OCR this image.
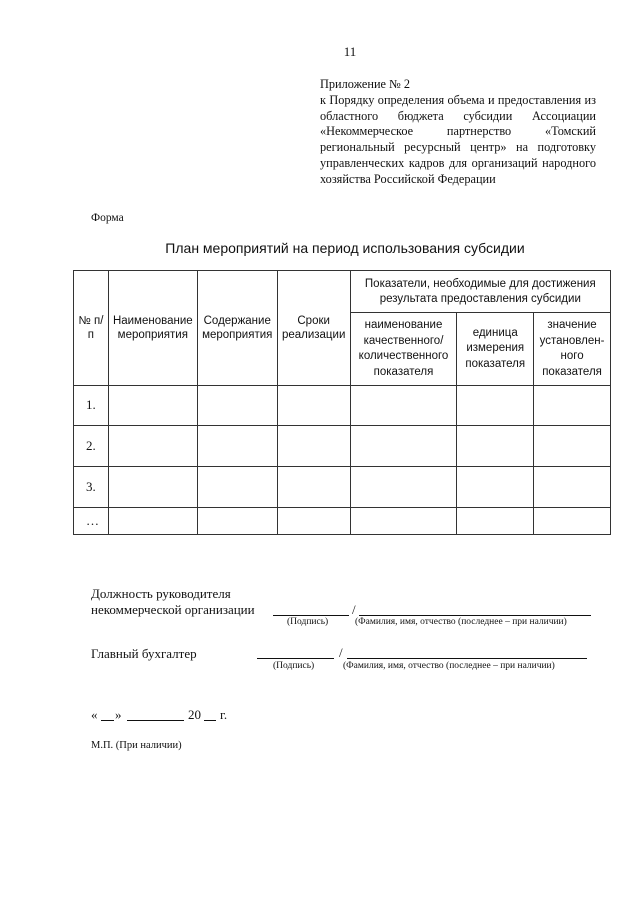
11

Приложение № 2

к Порядку определения объема и предоставления из областного бюджета субсидии Ассоциации «Некоммерческое партнерство «Томский региональный ресурсный центр» на подготовку управленческих кадров для организаций народного хозяйства Российской Федерации

Форма
План мероприятий на период использования субсидии
№ п/п	Наименование мероприятия	Содержание мероприятия	Сроки реализации	Показатели, необходимые для достижения результата предоставления субсидии		
				наименование качественного/ количественного показателя	единица измерения показателя	значение установлен-ного показателя
1.						
2.						
3.						
…						
Должность руководителя
некоммерческой организации	/
(Подпись)	(Фамилия, имя, отчество (последнее – при наличии)
Главный бухгалтер	/
(Подпись)	(Фамилия, имя, отчество (последнее – при наличии)
« »	20 г.
М.П. (При наличии)
